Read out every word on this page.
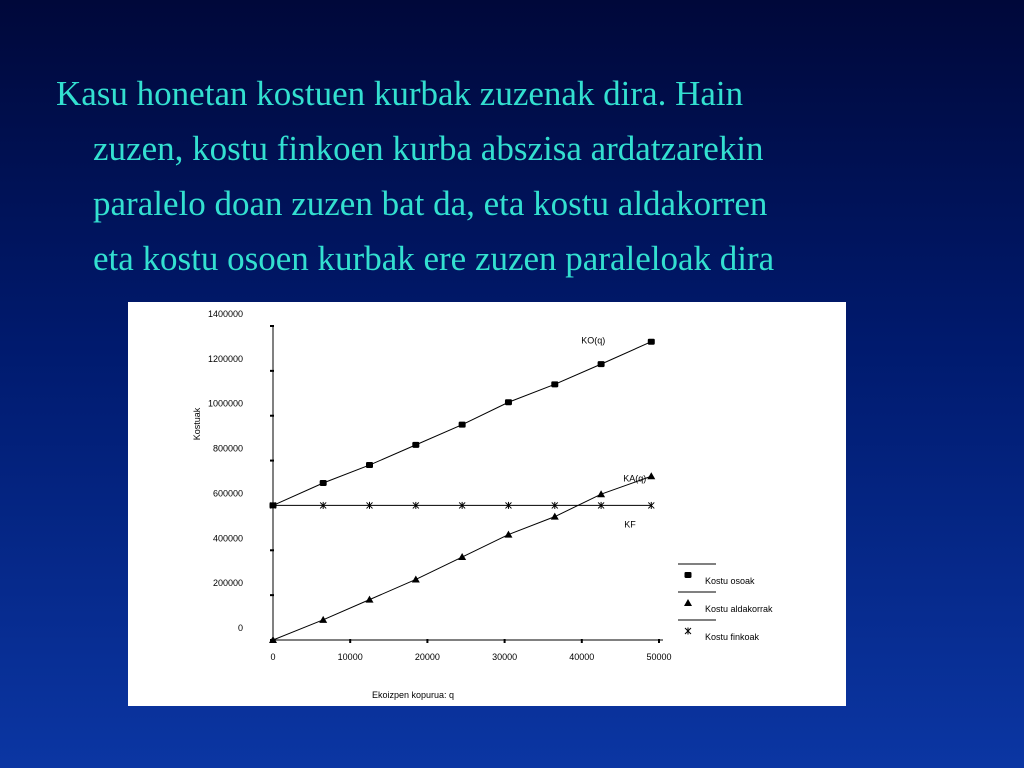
Kasu honetan kostuen kurbak zuzenak dira. Hain
zuzen, kostu finkoen kurba abszisa ardatzarekin
paralelo doan zuzen bat da, eta kostu aldakorren
eta kostu osoen kurbak ere zuzen paraleloak dira
0
200000
400000
600000
800000
1000000
1200000
1400000
0	10000	20000	30000	40000	50000
Ekoizpen kopurua: q
Kostuak
KO(q)
KA(q)
KF
Kostu osoak
Kostu aldakorrak
Kostu finkoak
